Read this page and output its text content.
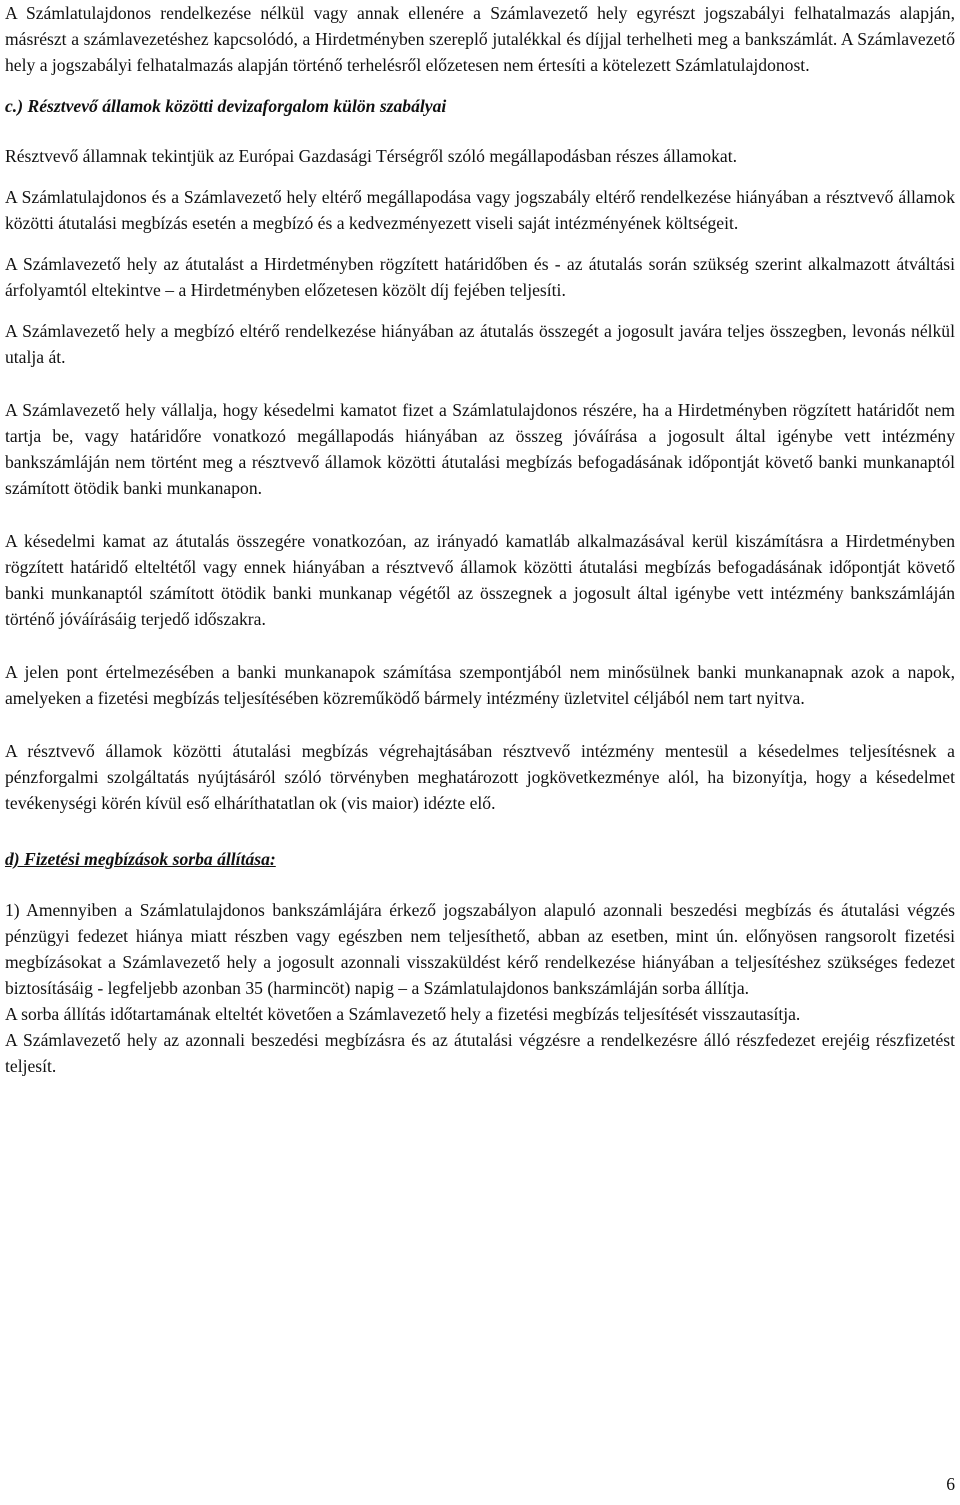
A Számlatulajdonos rendelkezése nélkül vagy annak ellenére a Számlavezető hely egyrészt jogszabályi felhatalmazás alapján, másrészt a számlavezetéshez kapcsolódó, a Hirdetményben szereplő jutalékkal és díjjal terhelheti meg a bankszámlát. A Számlavezető hely a jogszabályi felhatalmazás alapján történő terhelésről előzetesen nem értesíti a kötelezett Számlatulajdonost.

c.) Résztvevő államok közötti devizaforgalom külön szabályai

Résztvevő államnak tekintjük az Európai Gazdasági Térségről szóló megállapodásban részes államokat.

A Számlatulajdonos és a Számlavezető hely eltérő megállapodása vagy jogszabály eltérő rendelkezése hiányában a résztvevő államok közötti átutalási megbízás esetén a megbízó és a kedvezményezett viseli saját intézményének költségeit.

A Számlavezető hely az átutalást a Hirdetményben rögzített határidőben és - az átutalás során szükség szerint alkalmazott átváltási árfolyamtól eltekintve – a Hirdetményben előzetesen közölt díj fejében teljesíti.

A Számlavezető hely a megbízó eltérő rendelkezése hiányában az átutalás összegét a jogosult javára teljes összegben, levonás nélkül utalja át.

A Számlavezető hely vállalja, hogy késedelmi kamatot fizet a Számlatulajdonos részére, ha a Hirdetményben rögzített határidőt nem tartja be, vagy határidőre vonatkozó megállapodás hiányában az összeg jóváírása a jogosult által igénybe vett intézmény bankszámláján nem történt meg a résztvevő államok közötti átutalási megbízás befogadásának időpontját követő banki munkanaptól számított ötödik banki munkanapon.

A késedelmi kamat az átutalás összegére vonatkozóan, az irányadó kamatláb alkalmazásával kerül kiszámításra a Hirdetményben rögzített határidő elteltétől vagy ennek hiányában a résztvevő államok közötti átutalási megbízás befogadásának időpontját követő banki munkanaptól számított ötödik banki munkanap végétől az összegnek a jogosult által igénybe vett intézmény bankszámláján történő jóváírásáig terjedő időszakra.

A jelen pont értelmezésében a banki munkanapok számítása szempontjából nem minősülnek banki munkanapnak azok a napok, amelyeken a fizetési megbízás teljesítésében közreműködő bármely intézmény üzletvitel céljából nem tart nyitva.

A résztvevő államok közötti átutalási megbízás végrehajtásában résztvevő intézmény mentesül a késedelmes teljesítésnek a pénzforgalmi szolgáltatás nyújtásáról szóló törvényben meghatározott jogkövetkezménye alól, ha bizonyítja, hogy a késedelmet tevékenységi körén kívül eső elháríthatatlan ok (vis maior) idézte elő.

d) Fizetési megbízások sorba állítása:

1) Amennyiben a Számlatulajdonos bankszámlájára érkező jogszabályon alapuló azonnali beszedési megbízás és átutalási végzés pénzügyi fedezet hiánya miatt részben vagy egészben nem teljesíthető, abban az esetben, mint ún. előnyösen rangsorolt fizetési megbízásokat a Számlavezető hely a jogosult azonnali visszaküldést kérő rendelkezése hiányában a teljesítéshez szükséges fedezet biztosításáig - legfeljebb azonban 35 (harmincöt) napig – a Számlatulajdonos bankszámláján sorba állítja.

A sorba állítás időtartamának elteltét követően a Számlavezető hely a fizetési megbízás teljesítését visszautasítja.

A Számlavezető hely az azonnali beszedési megbízásra és az átutalási végzésre a rendelkezésre álló részfedezet erejéig részfizetést teljesít.

6
